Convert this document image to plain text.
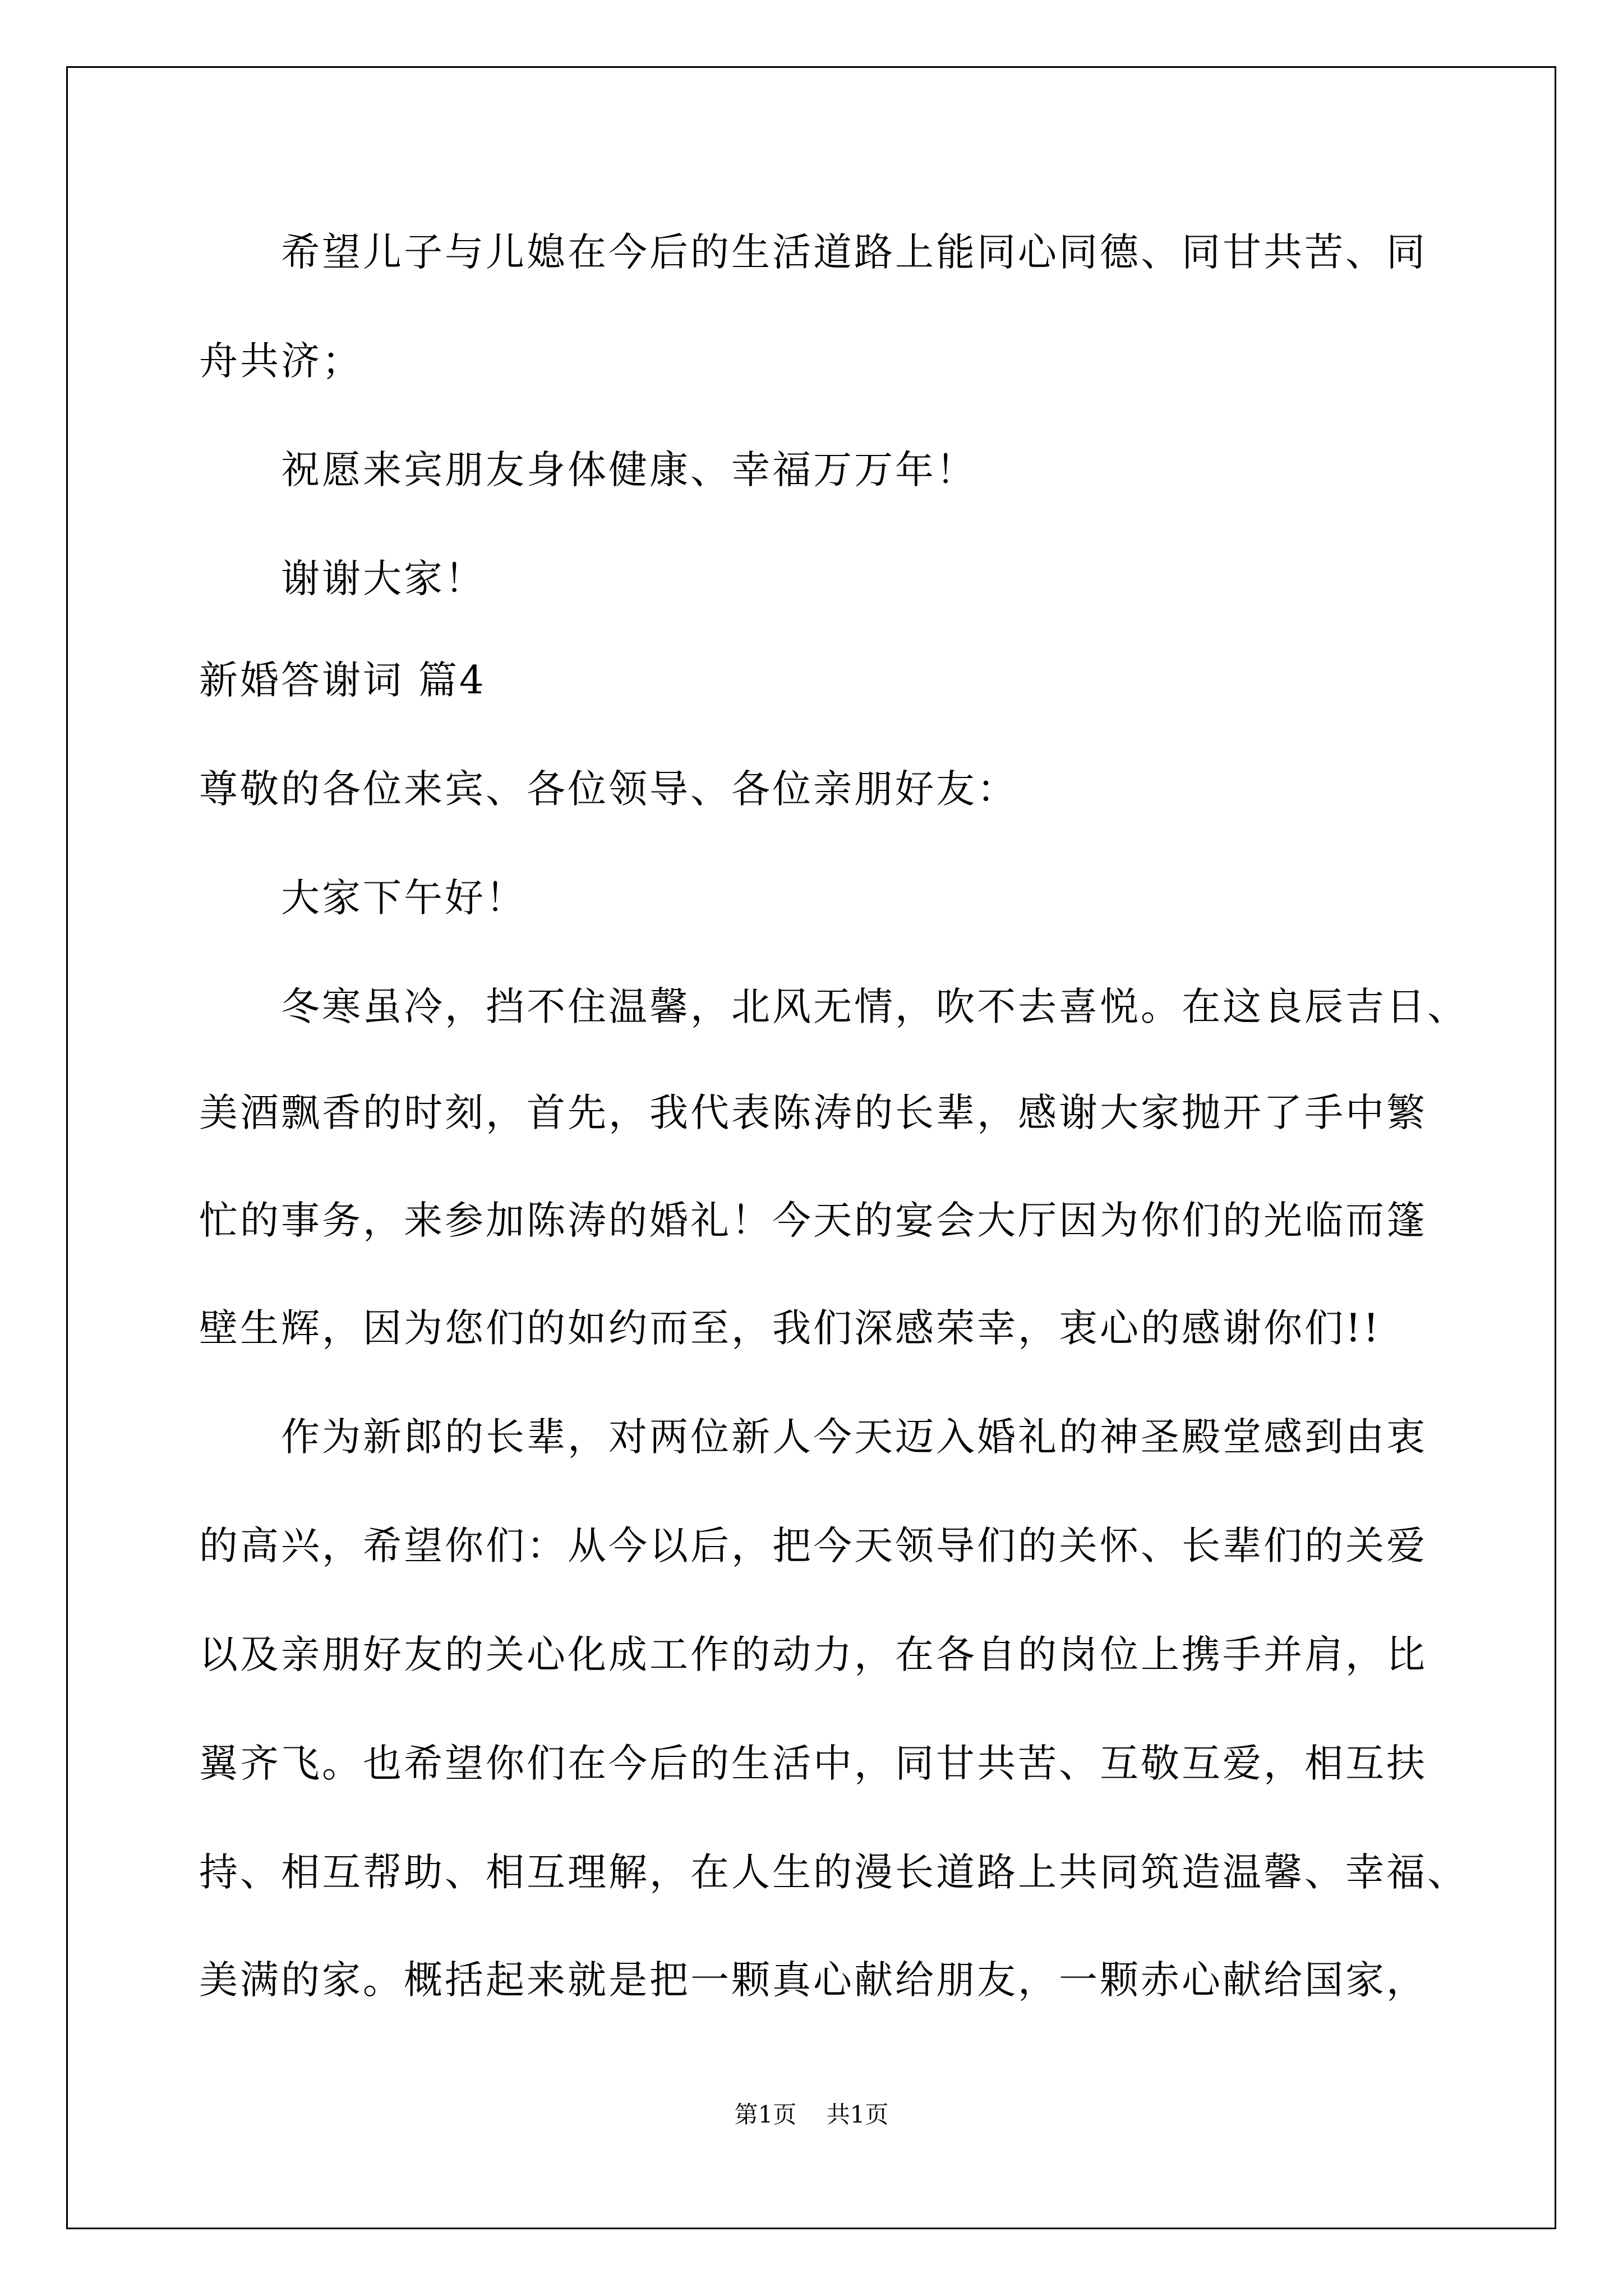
希望儿子与儿媳在今后的生活道路上能同心同德、同甘共苦、同
舟共济；
祝愿来宾朋友身体健康、幸福万万年！
谢谢大家！
新婚答谢词 篇4
尊敬的各位来宾、各位领导、各位亲朋好友：
大家下午好！
冬寒虽冷，挡不住温馨，北风无情，吹不去喜悦。在这良辰吉日、
美酒飘香的时刻，首先，我代表陈涛的长辈，感谢大家抛开了手中繁
忙的事务，来参加陈涛的婚礼！今天的宴会大厅因为你们的光临而篷
壁生辉，因为您们的如约而至，我们深感荣幸，衷心的感谢你们!!
作为新郎的长辈，对两位新人今天迈入婚礼的神圣殿堂感到由衷
的高兴，希望你们：从今以后，把今天领导们的关怀、长辈们的关爱
以及亲朋好友的关心化成工作的动力，在各自的岗位上携手并肩，比
翼齐飞。也希望你们在今后的生活中，同甘共苦、互敬互爱，相互扶
持、相互帮助、相互理解，在人生的漫长道路上共同筑造温馨、幸福、
美满的家。概括起来就是把一颗真心献给朋友，一颗赤心献给国家，
第1页 共1页
